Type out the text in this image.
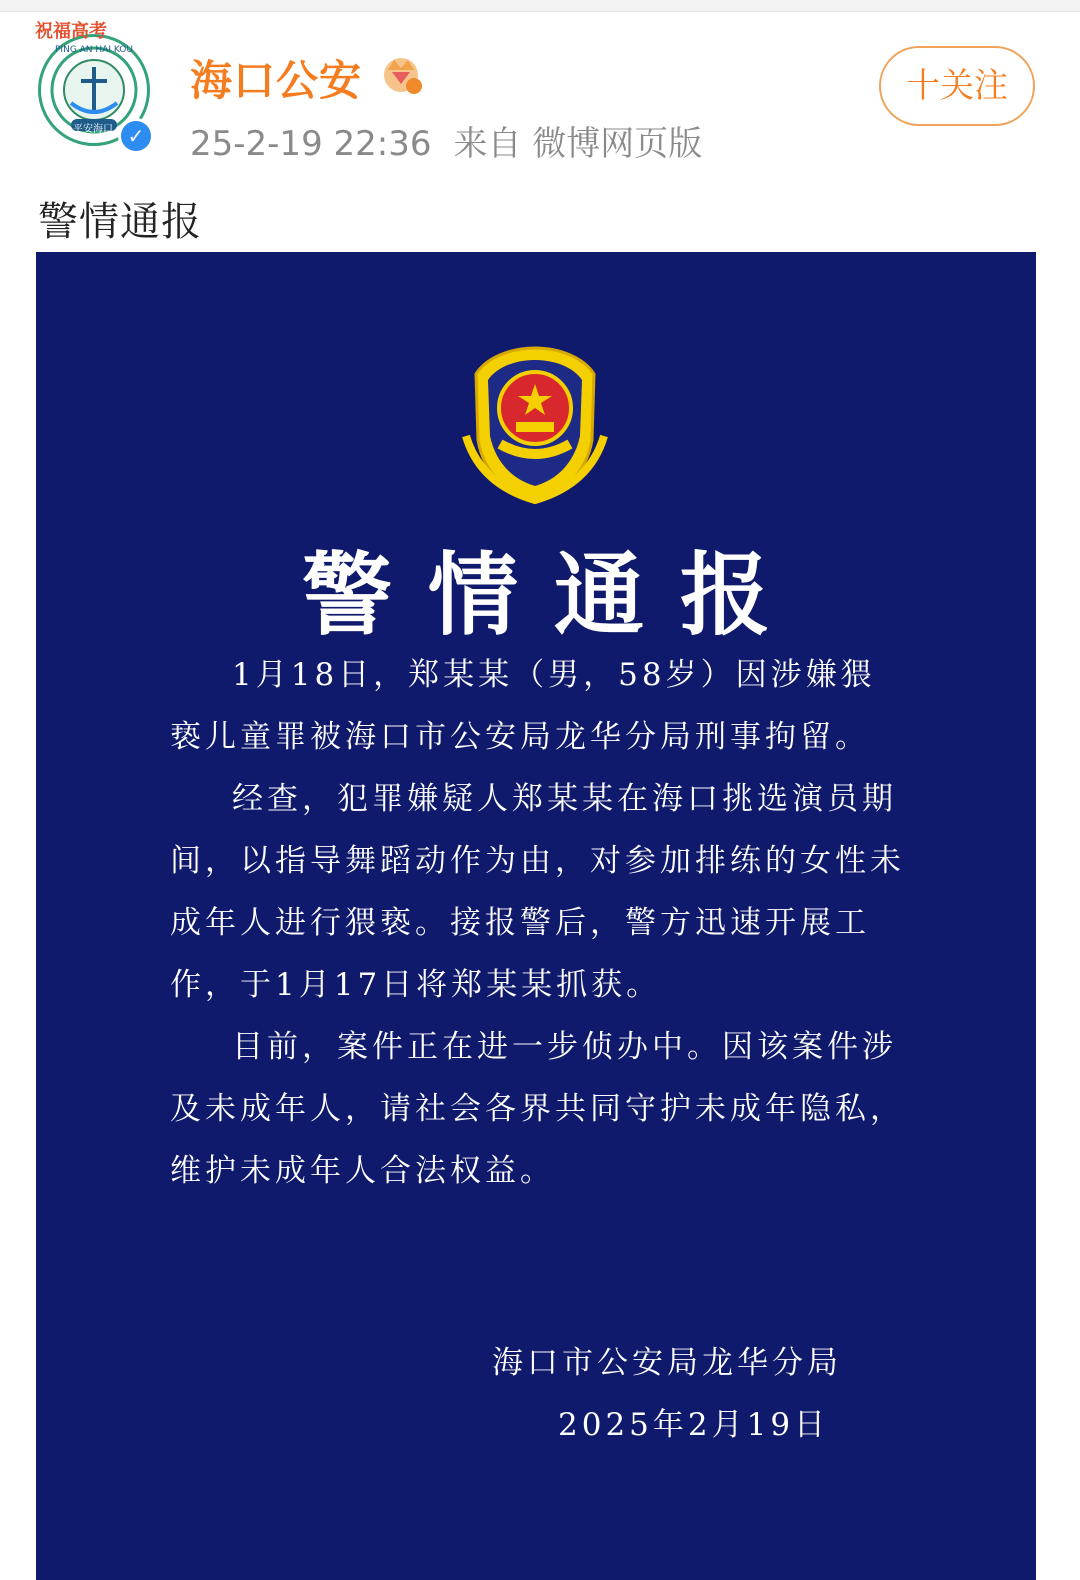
祝福高考
PING AN HAI KOU
平安海口 ✓
海口公安
25-2-19 22:36 来自 微博网页版
十关注
警情通报
警情通报

1月18日，郑某某（男，58岁）因涉嫌猥亵儿童罪被海口市公安局龙华分局刑事拘留。

经查，犯罪嫌疑人郑某某在海口挑选演员期间，以指导舞蹈动作为由，对参加排练的女性未成年人进行猥亵。接报警后，警方迅速开展工作，于1月17日将郑某某抓获。

目前，案件正在进一步侦办中。因该案件涉及未成年人，请社会各界共同守护未成年隐私，维护未成年人合法权益。

海口市公安局龙华分局
2025年2月19日
